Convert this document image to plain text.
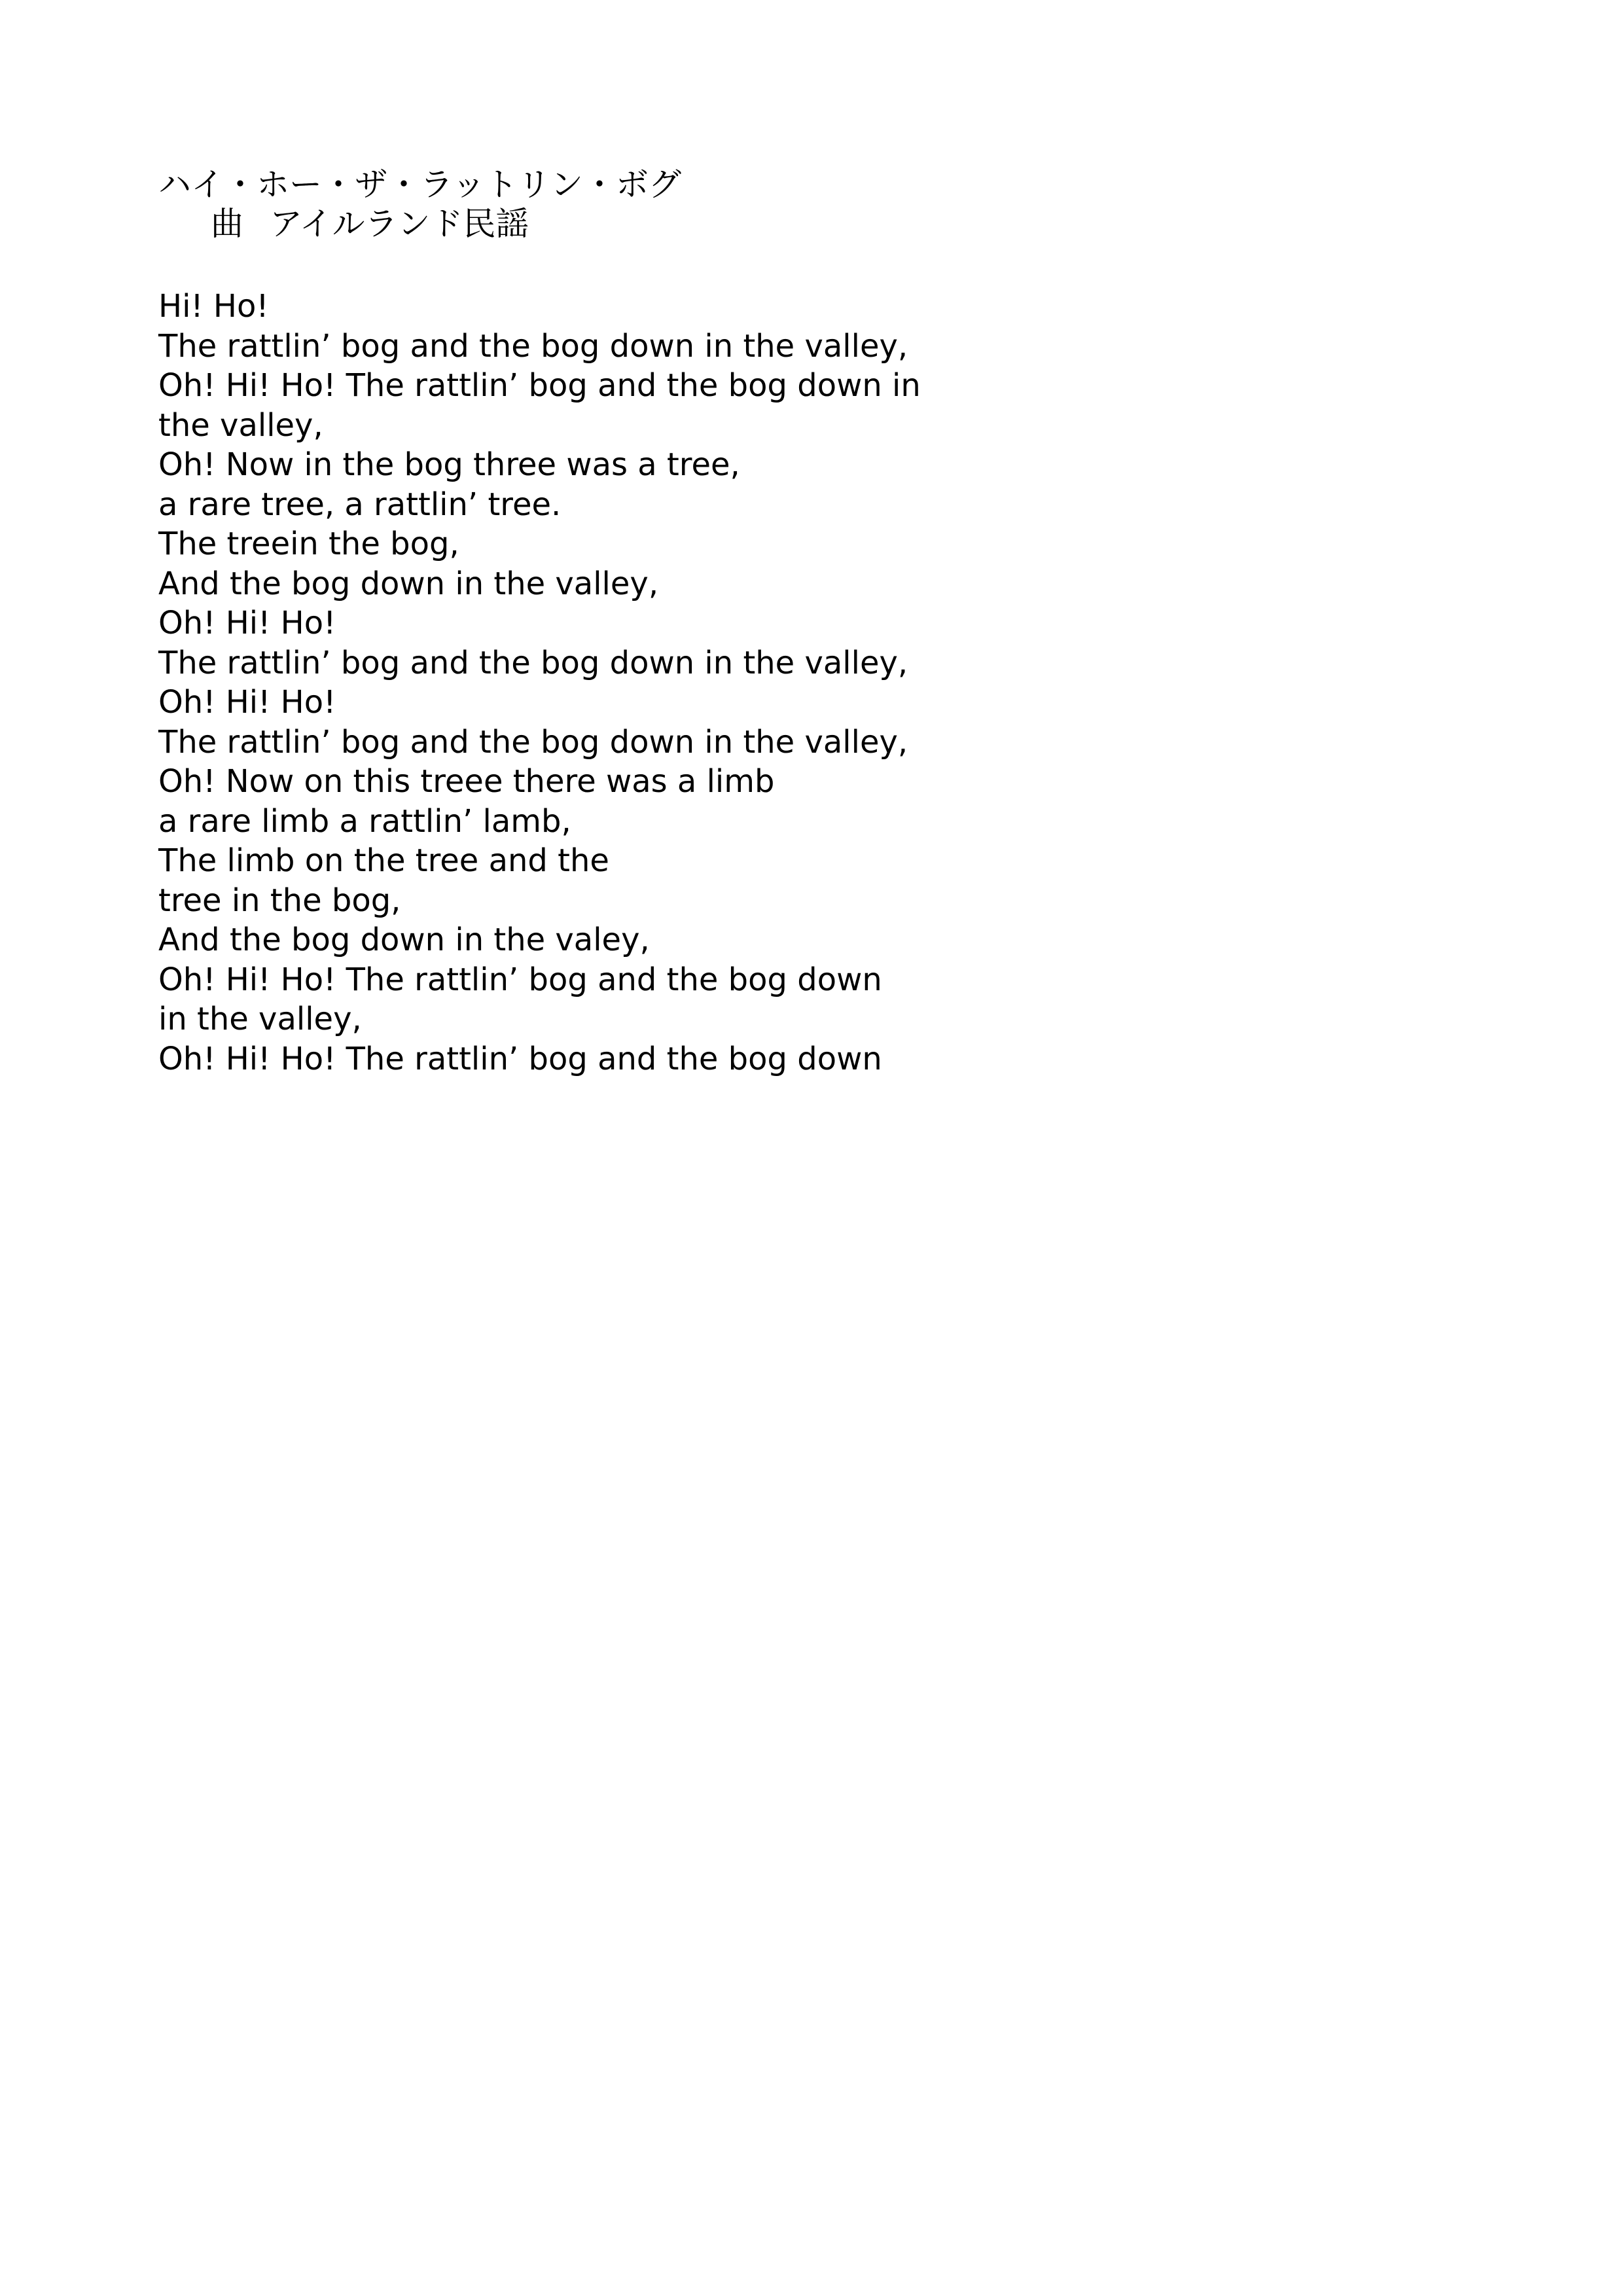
ハイ・ホー・ザ・ラットリン・ボグ
曲 アイルランド民謡
Hi! Ho!
The rattlin’ bog and the bog down in the valley,
Oh! Hi! Ho! The rattlin’ bog and the bog down in
the valley,
Oh! Now in the bog three was a tree,
a rare tree, a rattlin’ tree.
The treein the bog,
And the bog down in the valley,
Oh! Hi! Ho!
The rattlin’ bog and the bog down in the valley,
Oh! Hi! Ho!
The rattlin’ bog and the bog down in the valley,
Oh! Now on this treee there was a limb
a rare limb a rattlin’ lamb,
The limb on the tree and the
tree in the bog,
And the bog down in the valey,
Oh! Hi! Ho! The rattlin’ bog and the bog down
in the valley,
Oh! Hi! Ho! The rattlin’ bog and the bog down
